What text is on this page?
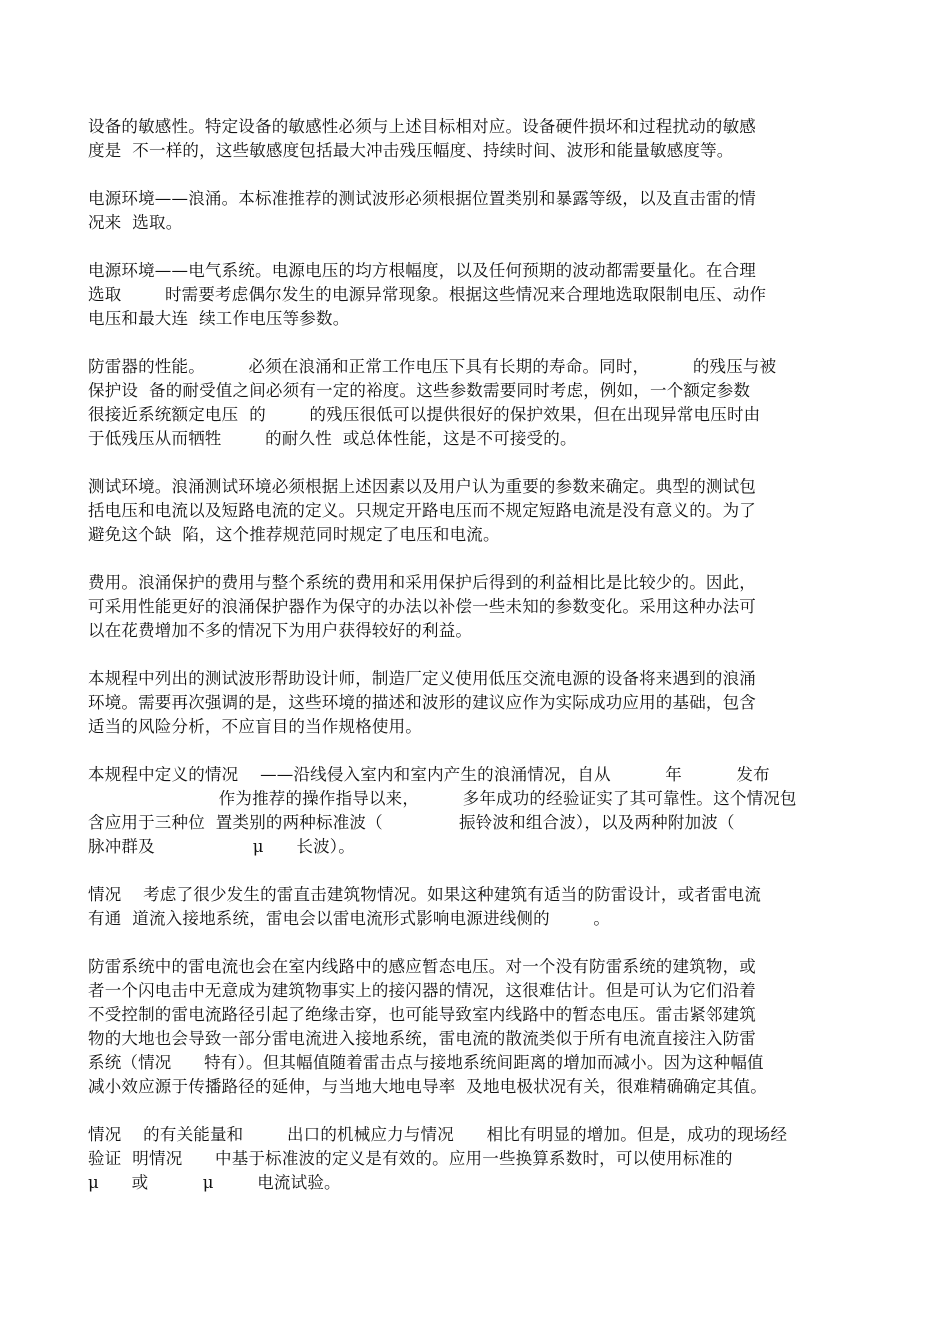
设备的敏感性。特定设备的敏感性必须与上述目标相对应。设备硬件损坏和过程扰动的敏感
度是  不一样的，这些敏感度包括最大冲击残压幅度、持续时间、波形和能量敏感度等。
电源环境——浪涌。本标准推荐的测试波形必须根据位置类别和暴露等级，以及直击雷的情
况来  选取。
电源环境——电气系统。电源电压的均方根幅度，以及任何预期的波动都需要量化。在合理
选取        时需要考虑偶尔发生的电源异常现象。根据这些情况来合理地选取限制电压、动作
电压和最大连  续工作电压等参数。
防雷器的性能。        必须在浪涌和正常工作电压下具有长期的寿命。同时，        的残压与被
保护设  备的耐受值之间必须有一定的裕度。这些参数需要同时考虑，例如，一个额定参数
很接近系统额定电压  的        的残压很低可以提供很好的保护效果，但在出现异常电压时由
于低残压从而牺牲        的耐久性  或总体性能，这是不可接受的。
测试环境。浪涌测试环境必须根据上述因素以及用户认为重要的参数来确定。典型的测试包
括电压和电流以及短路电流的定义。只规定开路电压而不规定短路电流是没有意义的。为了
避免这个缺  陷，这个推荐规范同时规定了电压和电流。
费用。浪涌保护的费用与整个系统的费用和采用保护后得到的利益相比是比较少的。因此，
可采用性能更好的浪涌保护器作为保守的办法以补偿一些未知的参数变化。采用这种办法可
以在花费增加不多的情况下为用户获得较好的利益。
本规程中列出的测试波形帮助设计师，制造厂定义使用低压交流电源的设备将来遇到的浪涌
环境。需要再次强调的是，这些环境的描述和波形的建议应作为实际成功应用的基础，包含
适当的风险分析，不应盲目的当作规格使用。
本规程中定义的情况    ——沿线侵入室内和室内产生的浪涌情况，自从          年          发布
作为推荐的操作指导以来，        多年成功的经验证实了其可靠性。这个情况包
含应用于三种位  置类别的两种标准波（              振铃波和组合波），以及两种附加波（
脉冲群及                  μ      长波）。
情况    考虑了很少发生的雷直击建筑物情况。如果这种建筑有适当的防雷设计，或者雷电流
有通  道流入接地系统，雷电会以雷电流形式影响电源进线侧的        。
防雷系统中的雷电流也会在室内线路中的感应暂态电压。对一个没有防雷系统的建筑物，或
者一个闪电击中无意成为建筑物事实上的接闪器的情况，这很难估计。但是可认为它们沿着
不受控制的雷电流路径引起了绝缘击穿，也可能导致室内线路中的暂态电压。雷击紧邻建筑
物的大地也会导致一部分雷电流进入接地系统，雷电流的散流类似于所有电流直接注入防雷
系统（情况      特有）。但其幅值随着雷击点与接地系统间距离的增加而减小。因为这种幅值
减小效应源于传播路径的延伸，与当地大地电导率  及地电极状况有关，很难精确确定其值。
情况    的有关能量和        出口的机械应力与情况      相比有明显的增加。但是，成功的现场经
验证  明情况      中基于标准波的定义是有效的。应用一些换算系数时，可以使用标准的
μ      或          μ        电流试验。
